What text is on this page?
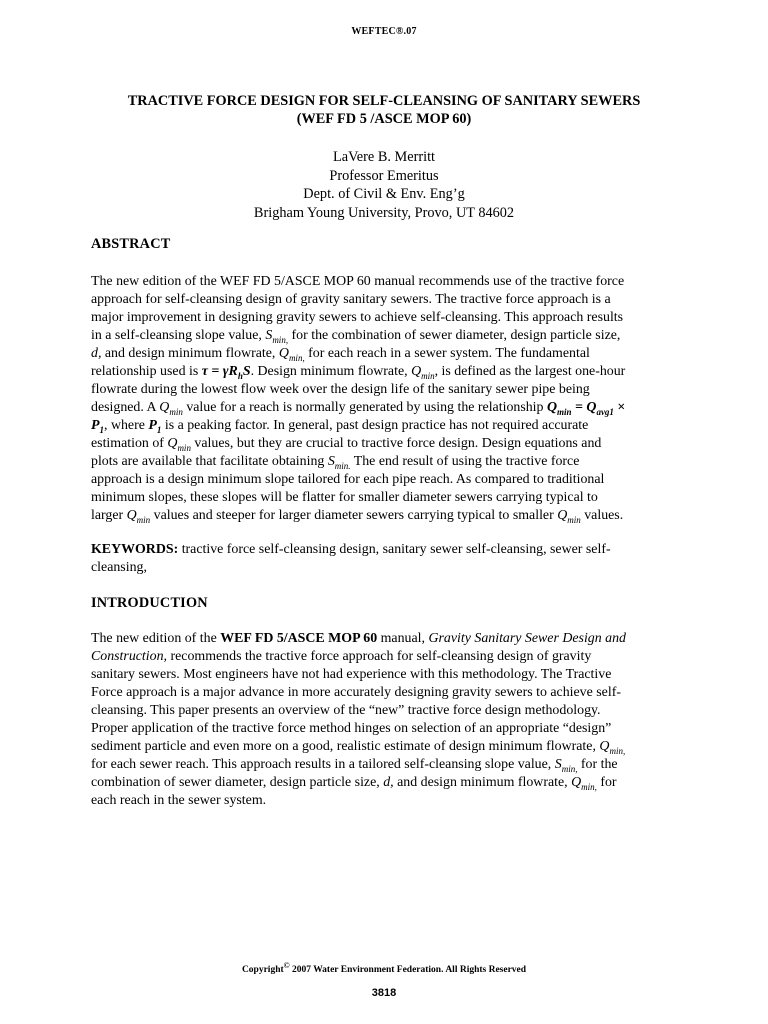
WEFTEC®.07
TRACTIVE FORCE DESIGN FOR SELF-CLEANSING OF SANITARY SEWERS
(WEF FD 5 /ASCE MOP 60)
LaVere B. Merritt
Professor Emeritus
Dept. of Civil & Env. Eng’g
Brigham Young University, Provo, UT 84602
ABSTRACT
The new edition of the WEF FD 5/ASCE MOP 60 manual recommends use of the tractive force
approach for self-cleansing design of gravity sanitary sewers. The tractive force approach is a
major improvement in designing gravity sewers to achieve self-cleansing. This approach results
in a self-cleansing slope value, $S_{min,}$ for the combination of sewer diameter, design particle size,
d, and design minimum flowrate, $Q_{min,}$ for each reach in a sewer system. The fundamental
relationship used is $\tau = \gamma R_hS$. Design minimum flowrate, $Q_{min}$, is defined as the largest one-hour
flowrate during the lowest flow week over the design life of the sanitary sewer pipe being
designed. A $Q_{min}$ value for a reach is normally generated by using the relationship $Q_{min} = Q_{avg1}$ ×
$P_1$, where $P_1$ is a peaking factor. In general, past design practice has not required accurate
estimation of $Q_{min}$ values, but they are crucial to tractive force design. Design equations and
plots are available that facilitate obtaining $S_{min.}$ The end result of using the tractive force
approach is a design minimum slope tailored for each pipe reach. As compared to traditional
minimum slopes, these slopes will be flatter for smaller diameter sewers carrying typical to
larger $Q_{min}$ values and steeper for larger diameter sewers carrying typical to smaller $Q_{min}$ values.
KEYWORDS: tractive force self-cleansing design, sanitary sewer self-cleansing, sewer self-
cleansing,
INTRODUCTION
The new edition of the WEF FD 5/ASCE MOP 60 manual, Gravity Sanitary Sewer Design and
Construction, recommends the tractive force approach for self-cleansing design of gravity
sanitary sewers. Most engineers have not had experience with this methodology. The Tractive
Force approach is a major advance in more accurately designing gravity sewers to achieve self-
cleansing. This paper presents an overview of the “new” tractive force design methodology.
Proper application of the tractive force method hinges on selection of an appropriate “design”
sediment particle and even more on a good, realistic estimate of design minimum flowrate, $Q_{min,}$
for each sewer reach. This approach results in a tailored self-cleansing slope value, $S_{min,}$ for the
combination of sewer diameter, design particle size, d, and design minimum flowrate, $Q_{min,}$ for
each reach in the sewer system.
Copyright© 2007 Water Environment Federation. All Rights Reserved
3818
